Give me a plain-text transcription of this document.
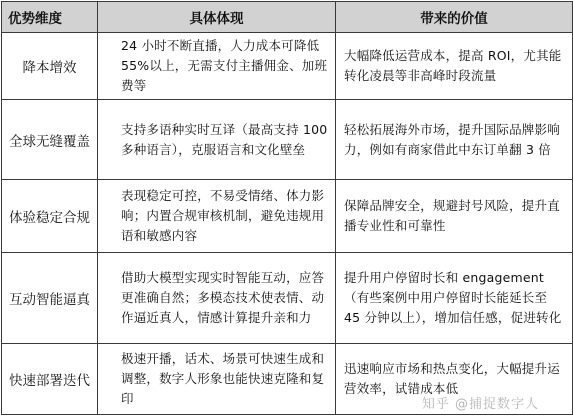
优势维度	具体体现	带来的价值
降本增效	24 小时不断直播，人力成本可降低 55%以上，无需支付主播佣金、加班费等	大幅降低运营成本，提高 ROI，尤其能转化凌晨等非高峰时段流量
全球无缝覆盖	支持多语种实时互译（最高支持 100 多种语言），克服语言和文化壁垒	轻松拓展海外市场，提升国际品牌影响力，例如有商家借此中东订单翻 3 倍
体验稳定合规	表现稳定可控，不易受情绪、体力影响；内置合规审核机制，避免违规用语和敏感内容	保障品牌安全，规避封号风险，提升直播专业性和可靠性
互动智能逼真	借助大模型实现实时智能互动，应答更准确自然；多模态技术使表情、动作逼近真人，情感计算提升亲和力	提升用户停留时长和 engagement（有些案例中用户停留时长能延长至 45 分钟以上），增加信任感，促进转化
快速部署迭代	极速开播，话术、场景可快速生成和调整，数字人形象也能快速克隆和复印	迅速响应市场和热点变化，大幅提升运营效率，试错成本低
知乎 @捕捉数字人
